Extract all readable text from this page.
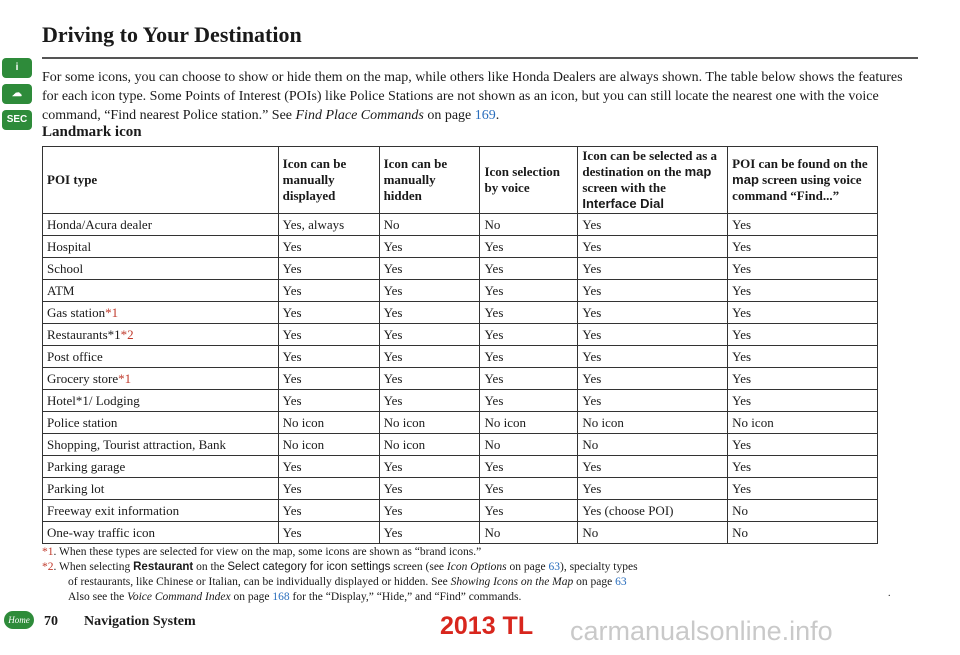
i
☁
SEC
Driving to Your Destination

For some icons, you can choose to show or hide them on the map, while others like Honda Dealers are always shown. The table below shows the features for each icon type. Some Points of Interest (POIs) like Police Stations are not shown as an icon, but you can still locate the nearest one with the voice command, “Find nearest Police station.” See Find Place Commands on page 169.

Landmark icon
POI type	Icon can be manually displayed	Icon can be manually hidden	Icon selection by voice	Icon can be selected as a destination on the map screen with the Interface Dial	POI can be found on the map screen using voice command “Find...”
Honda/Acura dealer	Yes, always	No	No	Yes	Yes
Hospital	Yes	Yes	Yes	Yes	Yes
School	Yes	Yes	Yes	Yes	Yes
ATM	Yes	Yes	Yes	Yes	Yes
Gas station*1	Yes	Yes	Yes	Yes	Yes
Restaurants*1*2	Yes	Yes	Yes	Yes	Yes
Post office	Yes	Yes	Yes	Yes	Yes
Grocery store*1	Yes	Yes	Yes	Yes	Yes
Hotel*1/ Lodging	Yes	Yes	Yes	Yes	Yes
Police station	No icon	No icon	No icon	No icon	No icon
Shopping, Tourist attraction, Bank	No icon	No icon	No	No	Yes
Parking garage	Yes	Yes	Yes	Yes	Yes
Parking lot	Yes	Yes	Yes	Yes	Yes
Freeway exit information	Yes	Yes	Yes	Yes (choose POI)	No
One-way traffic icon	Yes	Yes	No	No	No

*1. When these types are selected for view on the map, some icons are shown as “brand icons.”

*2. When selecting Restaurant on the Select category for icon settings screen (see Icon Options on page 63), specialty types

of restaurants, like Chinese or Italian, can be individually displayed or hidden. See Showing Icons on the Map on page 63

Also see the Voice Command Index on page 168 for the “Display,” “Hide,” and “Find” commands.	.
Home	70 Navigation System	2013 TL carmanualsonline.info
